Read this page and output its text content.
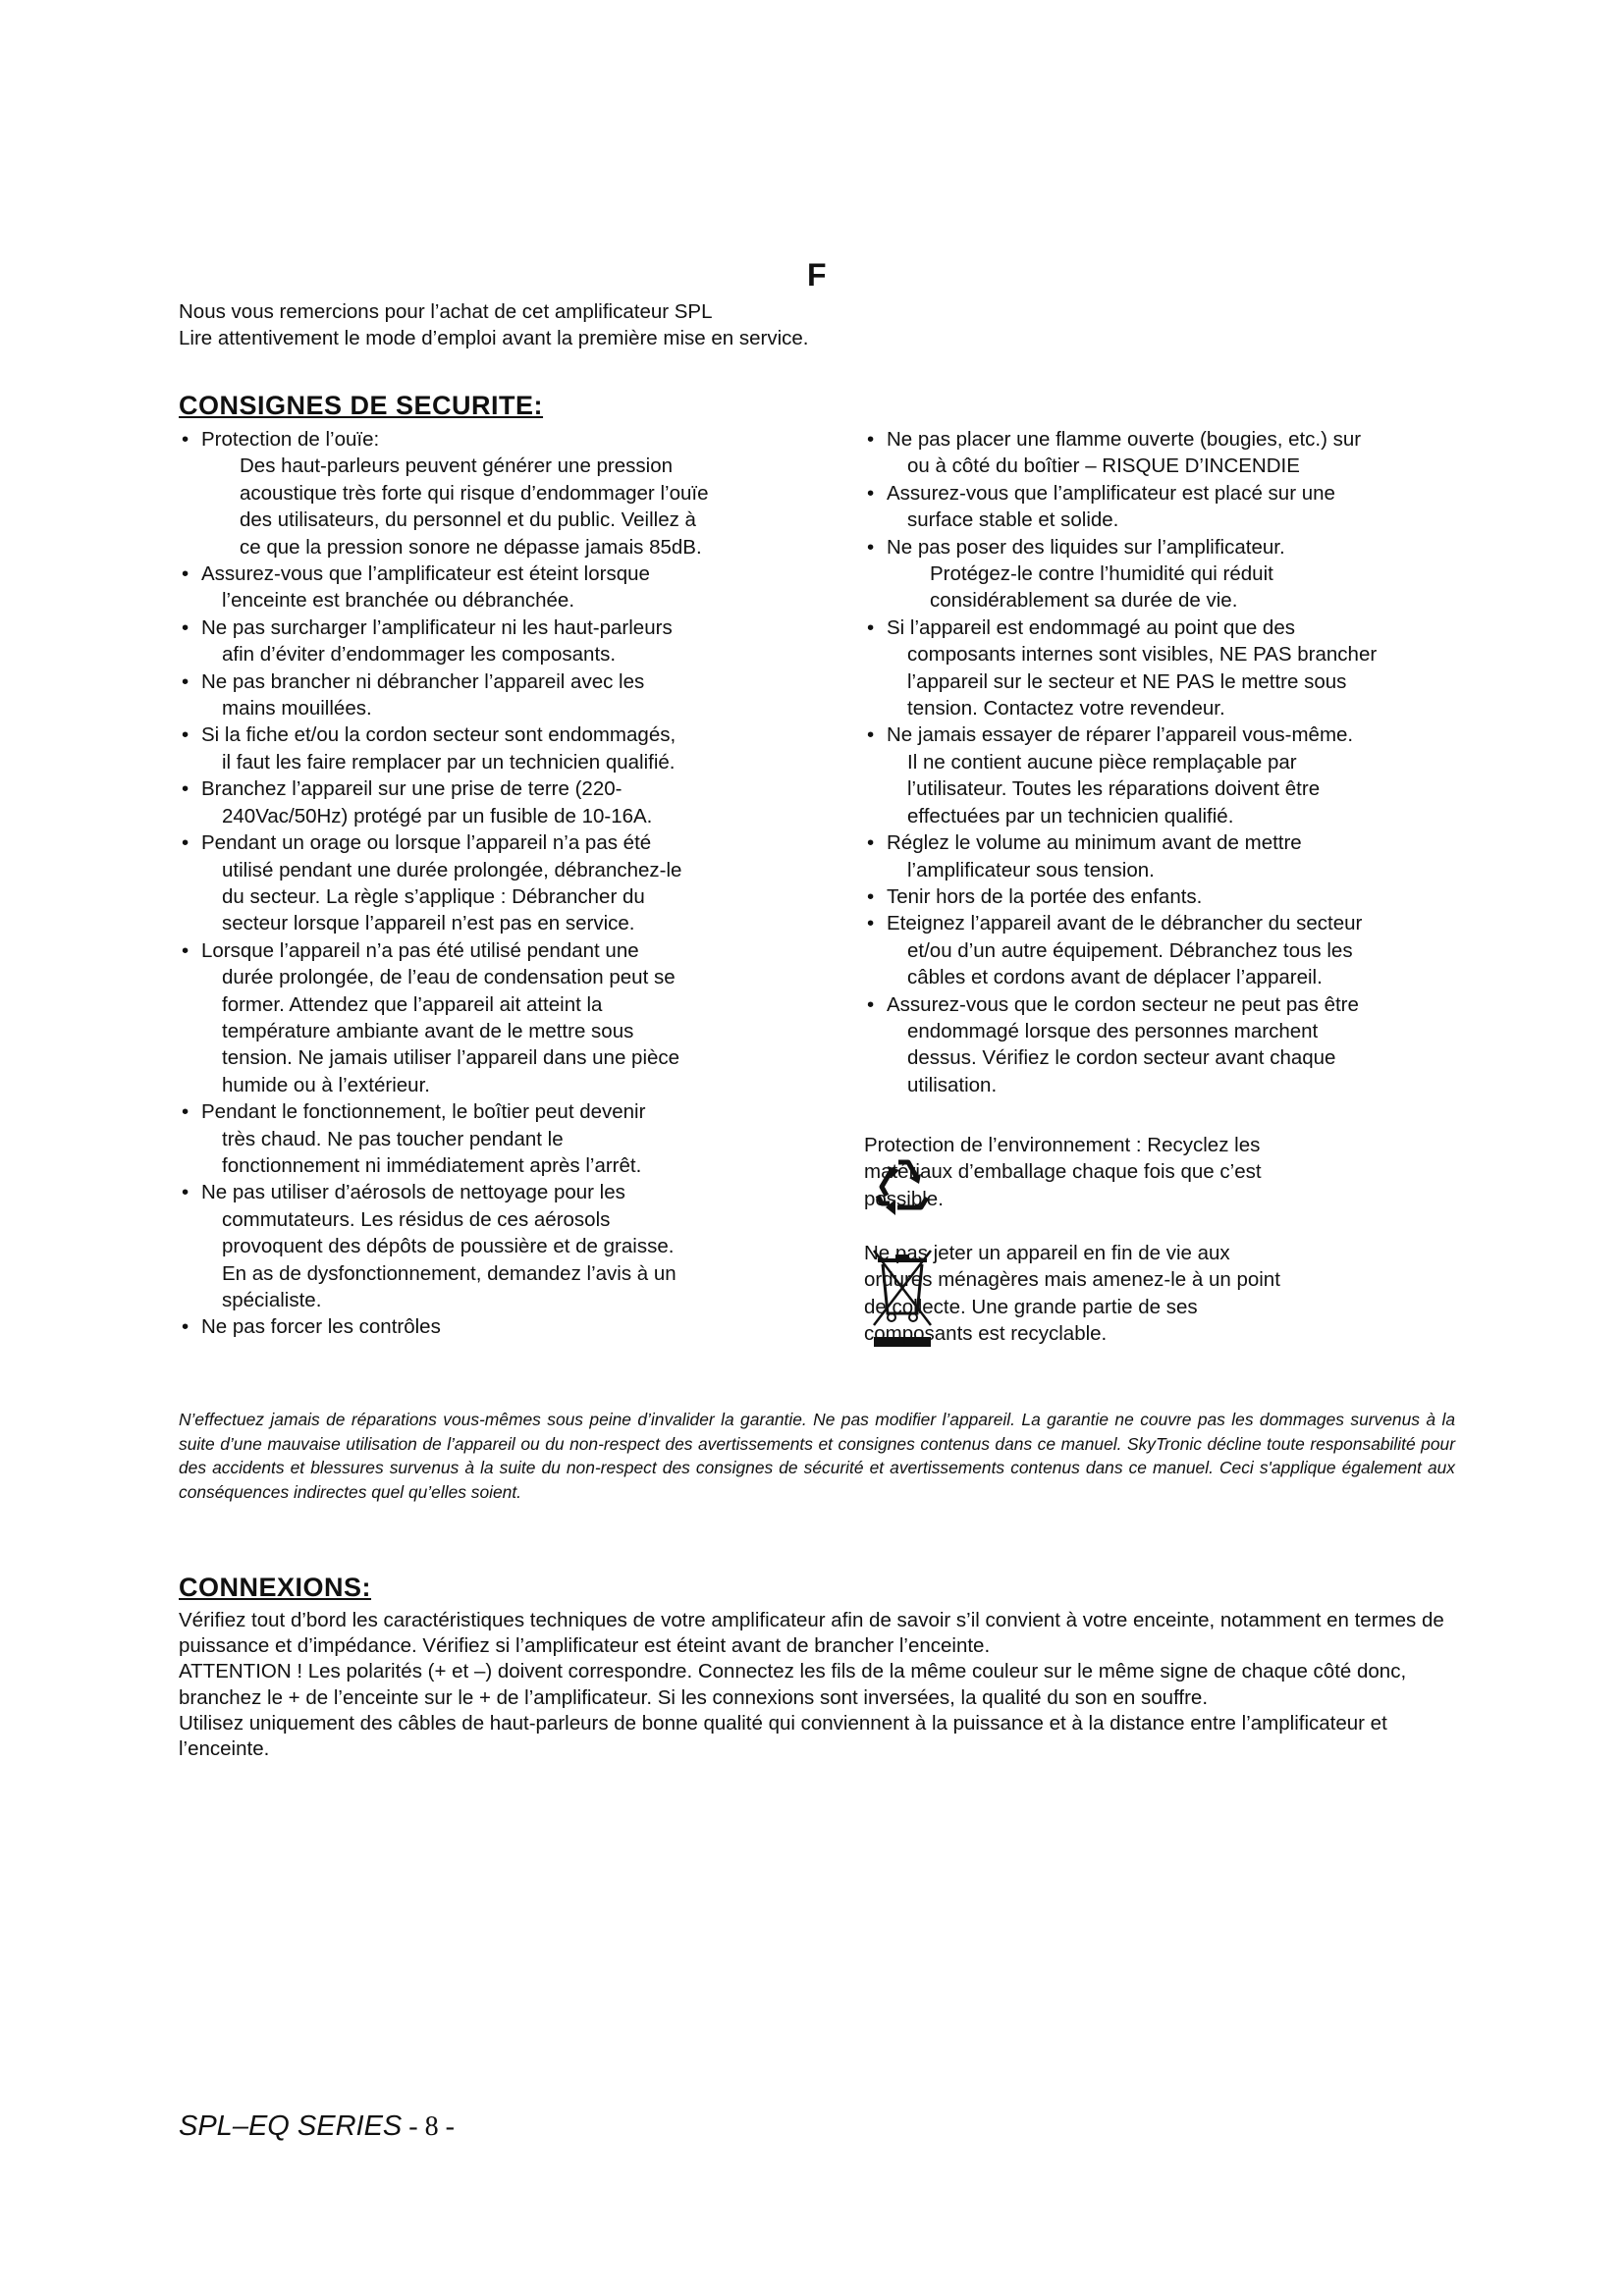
F
Nous vous remercions pour l’achat de cet amplificateur SPL
Lire attentivement le mode d’emploi avant la première mise en service.
CONSIGNES DE SECURITE:
• Protection de l’ouïe:
Des haut-parleurs peuvent générer une pression
acoustique très forte qui risque d’endommager l’ouïe
des utilisateurs, du personnel et du public. Veillez à
ce que la pression sonore ne dépasse jamais 85dB.
• Assurez-vous que l’amplificateur est éteint lorsque
l’enceinte est branchée ou débranchée.
• Ne pas surcharger l’amplificateur ni les haut-parleurs
afin d’éviter d’endommager les composants.
• Ne pas brancher ni débrancher l’appareil avec les
mains mouillées.
• Si la fiche et/ou la cordon secteur sont endommagés,
il faut les faire remplacer par un technicien qualifié.
• Branchez l’appareil sur une prise de terre (220-
240Vac/50Hz) protégé par un fusible de 10-16A.
• Pendant un orage ou lorsque l’appareil n’a pas été
utilisé pendant une durée prolongée, débranchez-le
du secteur. La règle s’applique : Débrancher du
secteur lorsque l’appareil n’est pas en service.
• Lorsque l’appareil n’a pas été utilisé pendant une
durée prolongée, de l’eau de condensation peut se
former. Attendez que l’appareil ait atteint la
température ambiante avant de le mettre sous
tension. Ne jamais utiliser l’appareil dans une pièce
humide ou à l’extérieur.
• Pendant le fonctionnement, le boîtier peut devenir
très chaud. Ne pas toucher pendant le
fonctionnement ni immédiatement après l’arrêt.
• Ne pas utiliser d’aérosols de nettoyage pour les
commutateurs. Les résidus de ces aérosols
provoquent des dépôts de poussière et de graisse.
En as de dysfonctionnement, demandez l’avis à un
spécialiste.
• Ne pas forcer les contrôles
• Ne pas placer une flamme ouverte (bougies, etc.) sur
ou à côté du boîtier – RISQUE D’INCENDIE
• Assurez-vous que l’amplificateur est placé sur une
surface stable et solide.
• Ne pas poser des liquides sur l’amplificateur.
Protégez-le contre l’humidité qui réduit
considérablement sa durée de vie.
• Si l’appareil est endommagé au point que des
composants internes sont visibles, NE PAS brancher
l’appareil sur le secteur et NE PAS le mettre sous
tension. Contactez votre revendeur.
• Ne jamais essayer de réparer l’appareil vous-même.
Il ne contient aucune pièce remplaçable par
l’utilisateur. Toutes les réparations doivent être
effectuées par un technicien qualifié.
• Réglez le volume au minimum avant de mettre
l’amplificateur sous tension.
• Tenir hors de la portée des enfants.
• Eteignez l’appareil avant de le débrancher du secteur
et/ou d’un autre équipement. Débranchez tous les
câbles et cordons avant de déplacer l’appareil.
• Assurez-vous que le cordon secteur ne peut pas être
endommagé lorsque des personnes marchent
dessus. Vérifiez le cordon secteur avant chaque
utilisation.
Protection de l’environnement : Recyclez les
matériaux d’emballage chaque fois que c’est
possible.
Ne pas jeter un appareil en fin de vie aux
ordures ménagères mais amenez-le à un point
de collecte. Une grande partie de ses
composants est recyclable.
N’effectuez jamais de réparations vous-mêmes sous peine d’invalider la garantie. Ne pas modifier l’appareil. La garantie ne couvre pas les dommages survenus à la suite d’une mauvaise utilisation de l’appareil ou du non-respect des avertissements et consignes contenus dans ce manuel. SkyTronic décline toute responsabilité pour des accidents et blessures survenus à la suite du non-respect des consignes de sécurité et avertissements contenus dans ce manuel. Ceci s'applique également aux conséquences indirectes quel qu’elles soient.
CONNEXIONS:

Vérifiez tout d’bord les caractéristiques techniques de votre amplificateur afin de savoir s’il convient à votre enceinte, notamment en termes de puissance et d’impédance. Vérifiez si l’amplificateur est éteint avant de brancher l’enceinte.

ATTENTION ! Les polarités (+ et –) doivent correspondre. Connectez les fils de la même couleur sur le même signe de chaque côté donc, branchez le + de l’enceinte sur le + de l’amplificateur. Si les connexions sont inversées, la qualité du son en souffre.

Utilisez uniquement des câbles de haut-parleurs de bonne qualité qui conviennent à la puissance et à la distance entre l’amplificateur et l’enceinte.

SPL–EQ SERIES - 8 -
